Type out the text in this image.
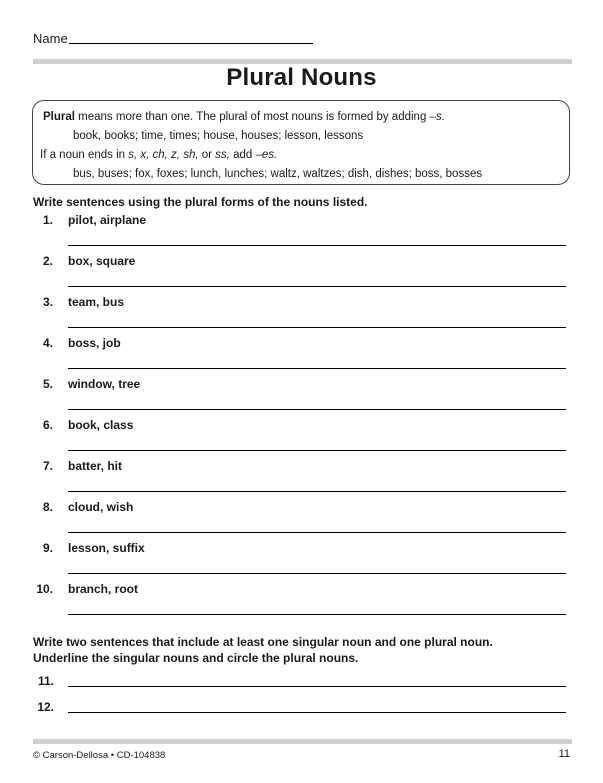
Name
Plural Nouns
Plural means more than one. The plural of most nouns is formed by adding –s.
book, books; time, times; house, houses; lesson, lessons
If a noun ends in s, x, ch, z, sh, or ss, add –es.
bus, buses; fox, foxes; lunch, lunches; waltz, waltzes; dish, dishes; boss, bosses
Write sentences using the plural forms of the nouns listed.
1. pilot, airplane
2. box, square
3. team, bus
4. boss, job
5. window, tree
6. book, class
7. batter, hit
8. cloud, wish
9. lesson, suffix
10. branch, root
Write two sentences that include at least one singular noun and one plural noun.
Underline the singular nouns and circle the plural nouns.
11.
12.
© Carson-Dellosa • CD-104838	11
